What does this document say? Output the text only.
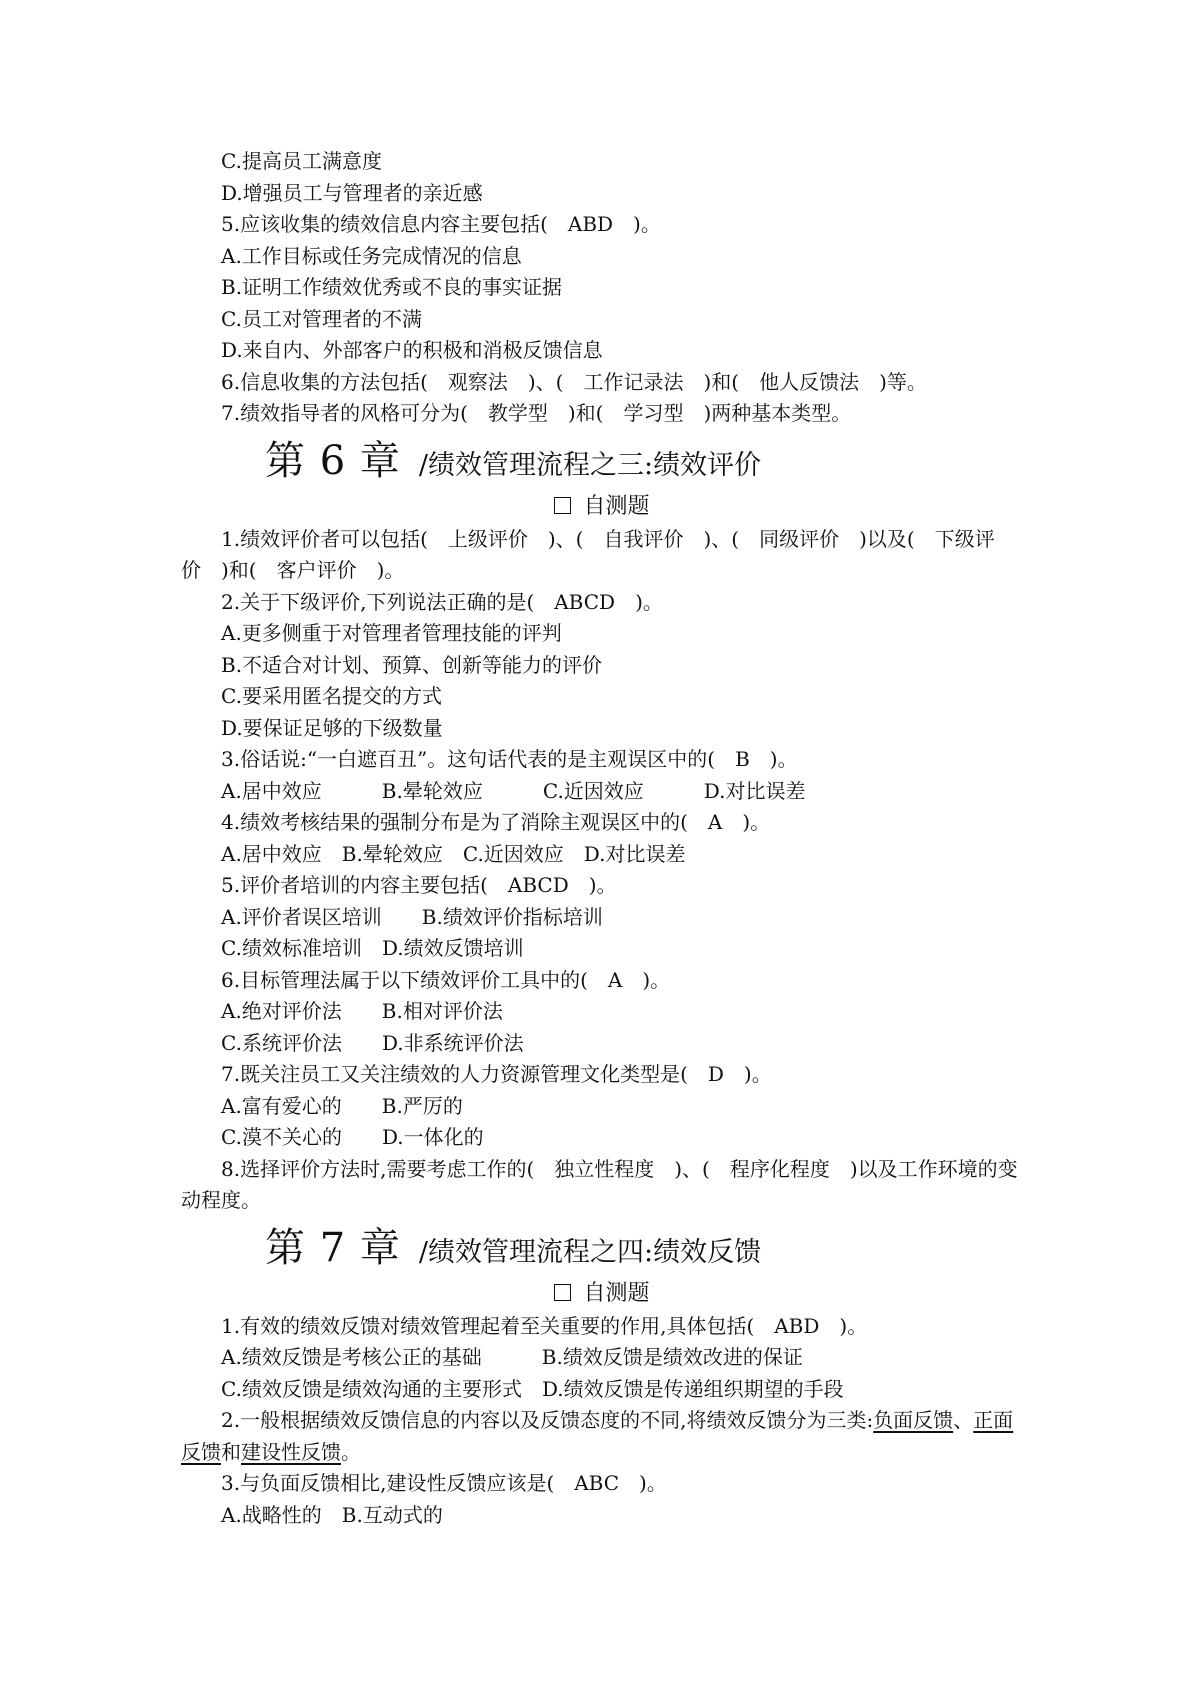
C.提高员工满意度

D.增强员工与管理者的亲近感

5.应该收集的绩效信息内容主要包括(　ABD　)。

A.工作目标或任务完成情况的信息

B.证明工作绩效优秀或不良的事实证据

C.员工对管理者的不满

D.来自内、外部客户的积极和消极反馈信息

6.信息收集的方法包括(　观察法　)、(　工作记录法　)和(　他人反馈法　)等。

7.绩效指导者的风格可分为(　教学型　)和(　学习型　)两种基本类型。

第 6 章 /绩效管理流程之三:绩效评价

自测题

1.绩效评价者可以包括(　上级评价　)、(　自我评价　)、(　同级评价　)以及(　下级评价　)和(　客户评价　)。

2.关于下级评价,下列说法正确的是(　ABCD　)。

A.更多侧重于对管理者管理技能的评判

B.不适合对计划、预算、创新等能力的评价

C.要采用匿名提交的方式

D.要保证足够的下级数量

3.俗话说:“一白遮百丑”。这句话代表的是主观误区中的(　B　)。

A.居中效应　　　B.晕轮效应　　　C.近因效应　　　D.对比误差

4.绩效考核结果的强制分布是为了消除主观误区中的(　A　)。

A.居中效应　B.晕轮效应　C.近因效应　D.对比误差

5.评价者培训的内容主要包括(　ABCD　)。

A.评价者误区培训　　B.绩效评价指标培训

C.绩效标准培训　D.绩效反馈培训

6.目标管理法属于以下绩效评价工具中的(　A　)。

A.绝对评价法　　B.相对评价法

C.系统评价法　　D.非系统评价法

7.既关注员工又关注绩效的人力资源管理文化类型是(　D　)。

A.富有爱心的　　B.严厉的

C.漠不关心的　　D.一体化的

8.选择评价方法时,需要考虑工作的(　独立性程度　)、(　程序化程度　)以及工作环境的变动程度。

第 7 章 /绩效管理流程之四:绩效反馈

自测题

1.有效的绩效反馈对绩效管理起着至关重要的作用,具体包括(　ABD　)。

A.绩效反馈是考核公正的基础　　　B.绩效反馈是绩效改进的保证

C.绩效反馈是绩效沟通的主要形式　D.绩效反馈是传递组织期望的手段

2.一般根据绩效反馈信息的内容以及反馈态度的不同,将绩效反馈分为三类:负面反馈、正面反馈和建设性反馈。

3.与负面反馈相比,建设性反馈应该是(　ABC　)。

A.战略性的　B.互动式的
